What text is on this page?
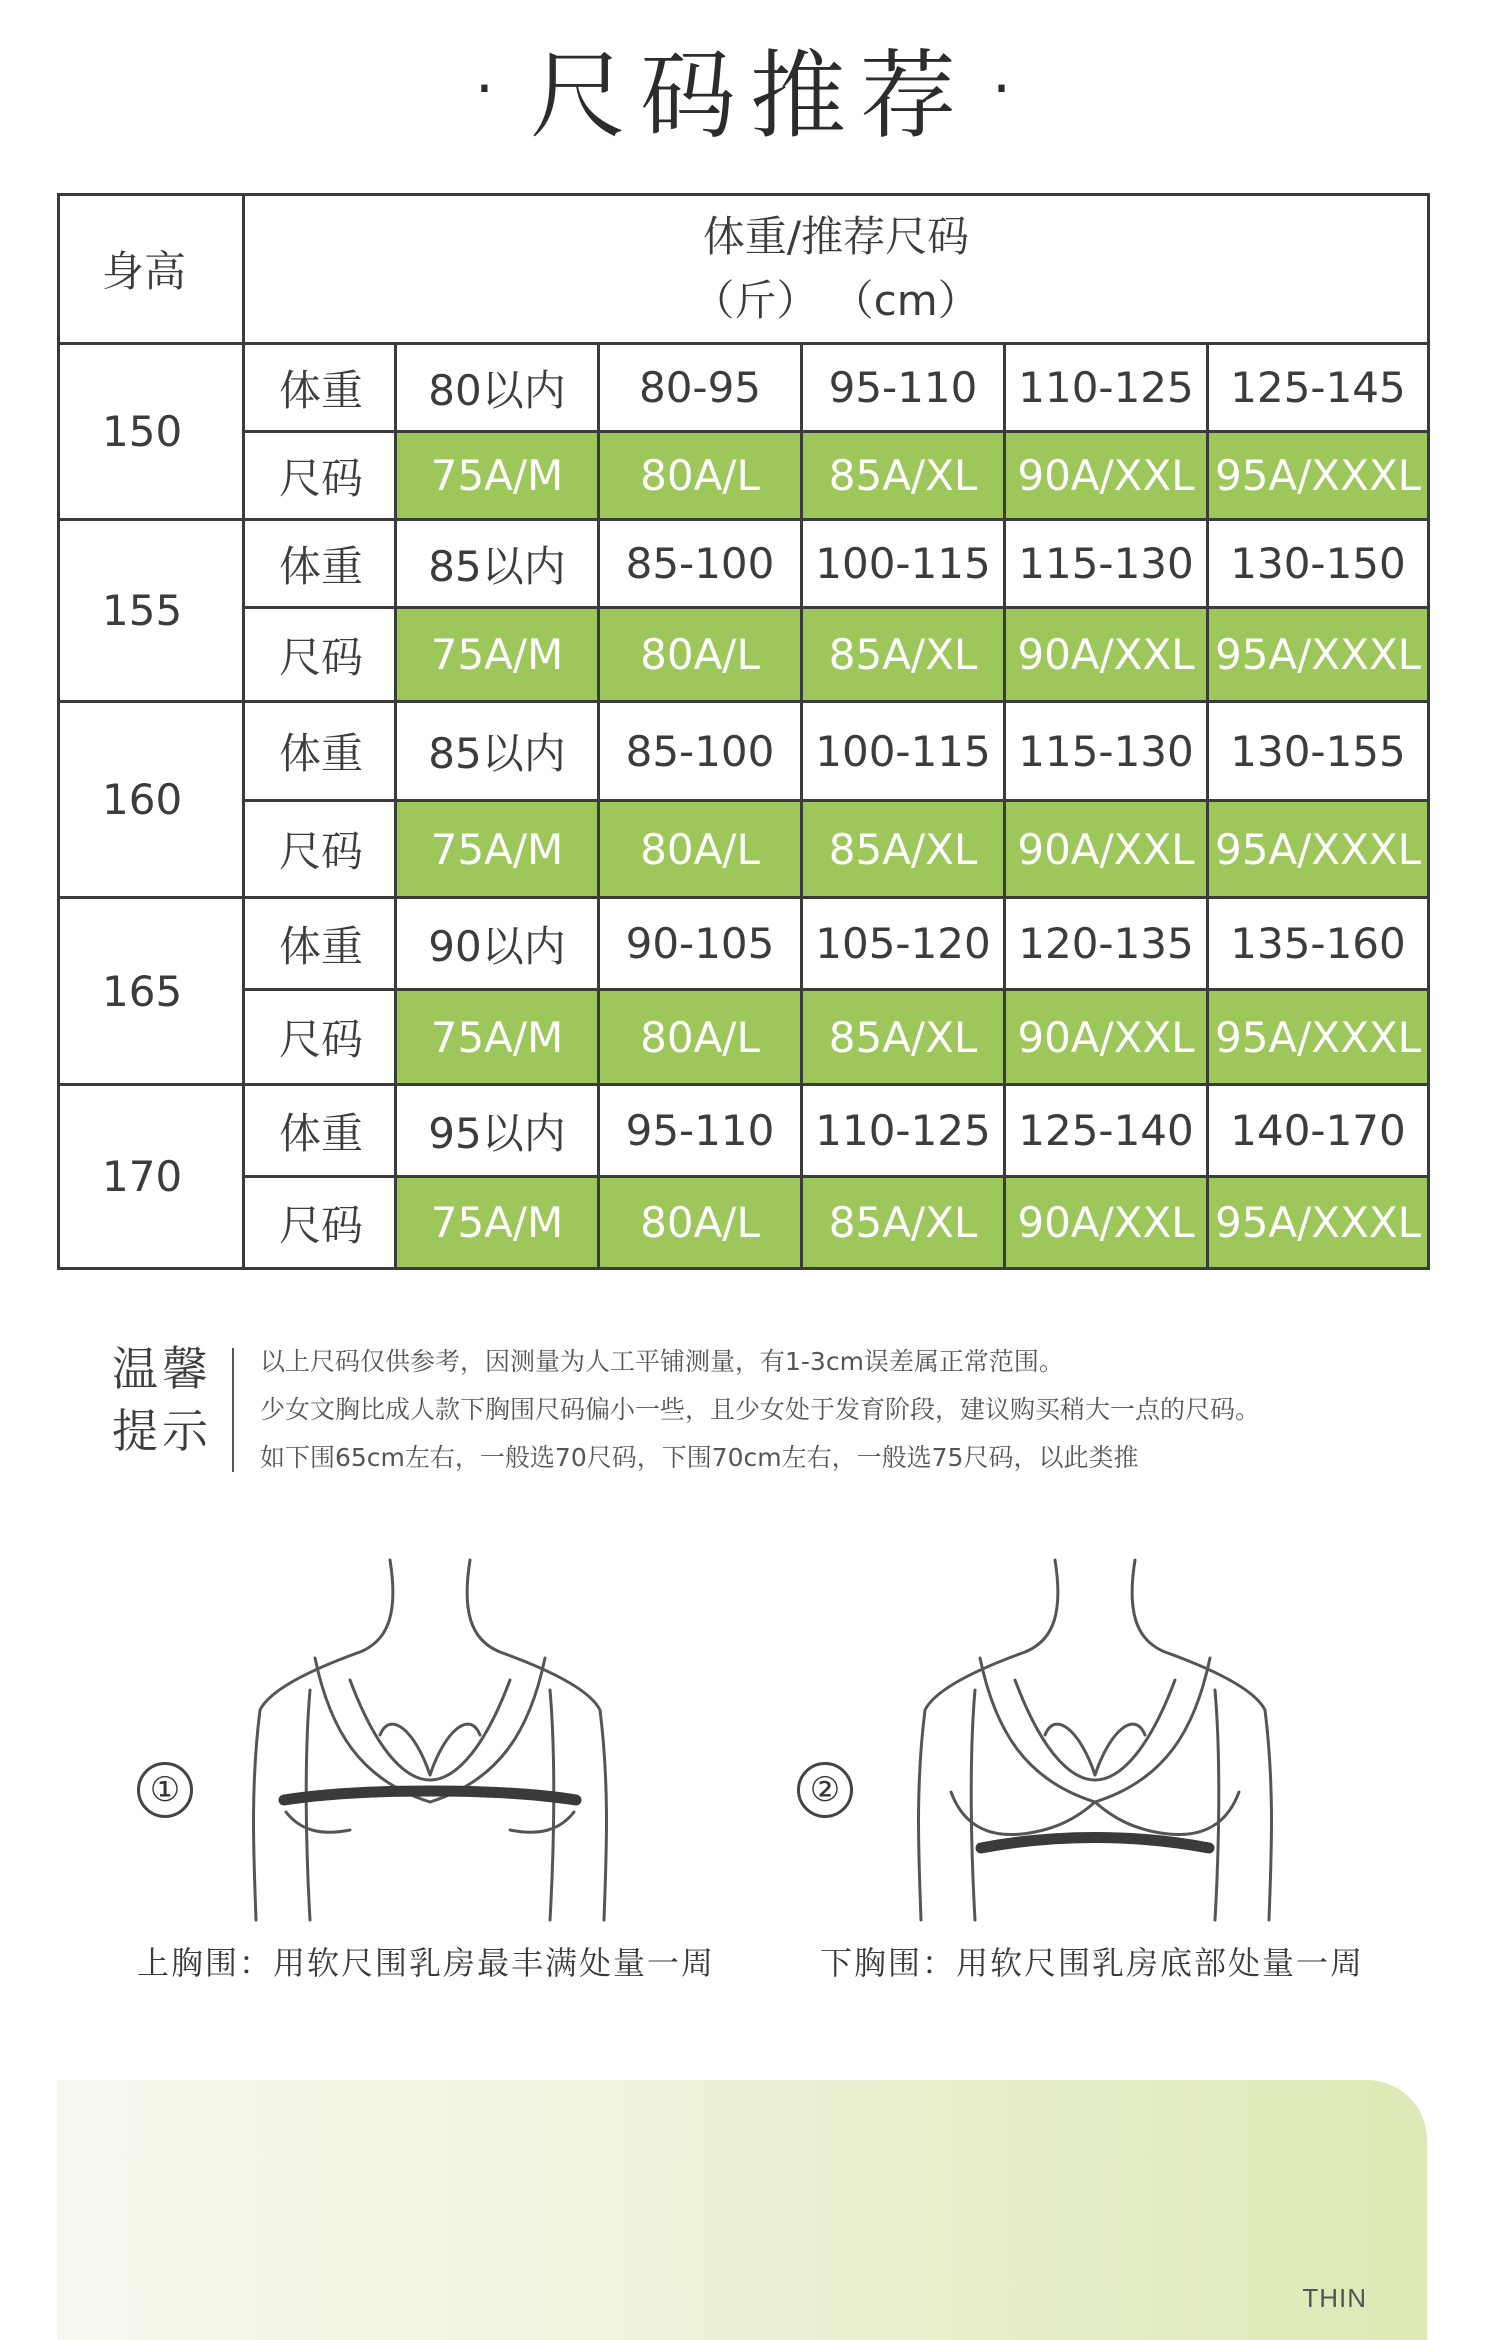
· 尺码推荐 ·
身高	体重/推荐尺码
（斤） （cm）					

150	体重	80以内	80-95	95-110	110-125	125-145
	尺码	75A/M	80A/L	85A/XL	90A/XXL	95A/XXXL
155	体重	85以内	85-100	100-115	115-130	130-150
	尺码	75A/M	80A/L	85A/XL	90A/XXL	95A/XXXL
160	体重	85以内	85-100	100-115	115-130	130-155
	尺码	75A/M	80A/L	85A/XL	90A/XXL	95A/XXXL
165	体重	90以内	90-105	105-120	120-135	135-160
	尺码	75A/M	80A/L	85A/XL	90A/XXL	95A/XXXL
170	体重	95以内	95-110	110-125	125-140	140-170
	尺码	75A/M	80A/L	85A/XL	90A/XXL	95A/XXXL
温馨
提示
以上尺码仅供参考，因测量为人工平铺测量，有1-3cm误差属正常范围。
少女文胸比成人款下胸围尺码偏小一些，且少女处于发育阶段，建议购买稍大一点的尺码。
如下围65cm左右，一般选70尺码，下围70cm左右，一般选75尺码，以此类推
①
上胸围：用软尺围乳房最丰满处量一周
②
下胸围：用软尺围乳房底部处量一周
THIN
